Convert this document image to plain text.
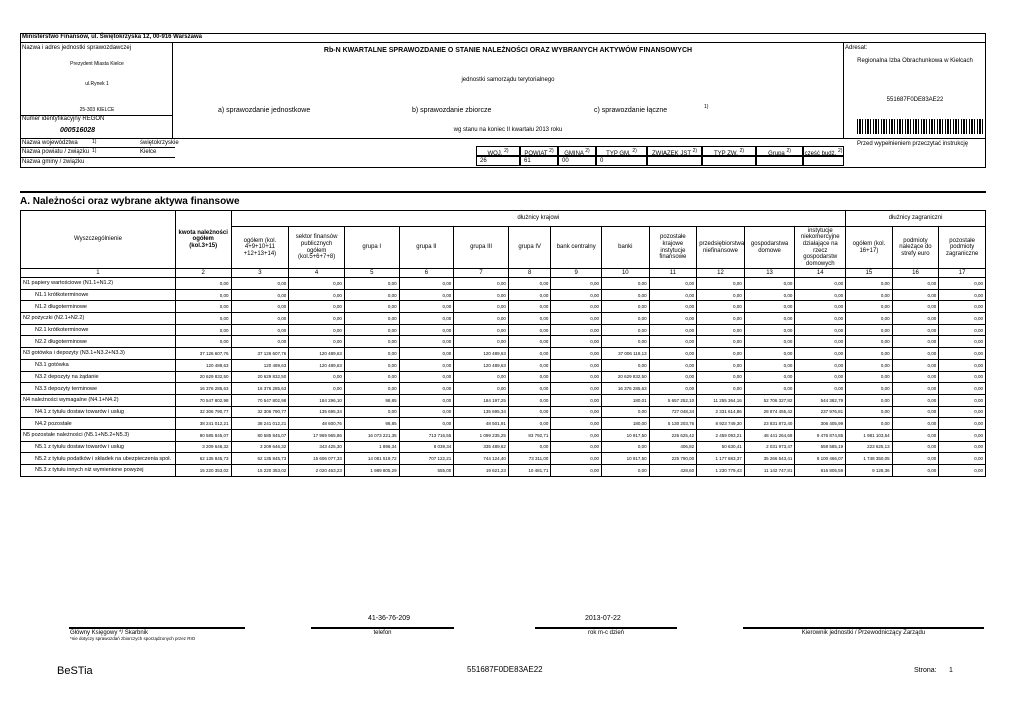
Ministerstwo Finansów, ul. Świętokrzyska 12, 00-916 Warszawa
Nazwa i adres jednostki sprawozdawczej
Prezydent Miasta Kielce
ul.Rynek 1
25-303 KIELCE
Numer identyfikacyjny REGON
000516028
Rb-N KWARTALNE SPRAWOZDANIE O STANIE NALEŻNOŚCI ORAZ WYBRANYCH AKTYWÓW FINANSOWYCH
jednostki samorządu terytorialnego
a) sprawozdanie jednostkowe	b) sprawozdanie zbiorcze	c) sprawozdanie łączne	1)
wg stanu na koniec II kwartału 2013 roku
Adresat:
Regionalna Izba Obrachunkowa w Kielcach
551687F0DE83AE22
Nazwa województwa	1)	świętokrzyskie
Nazwa powiatu / związku 1)	Kielce
Nazwa gminy / związku
Przed wypełnieniem przeczytać instrukcję
WOJ. $^{2)}$	POWIAT $^{2)}$	GMINA $^{2)}$	TYP GM. $^{2)}$	ZWIĄZEK JST $^{2)}$	TYP ZW. $^{2)}$	Grupa $^{2)}$	część budż. $^{2)}$
26	61	00	0
A. Należności oraz wybrane aktywa finansowe
Wyszczególnienie	kwota należności ogółem (kol.3+15)	dłużnicy krajowi												dłużnicy zagraniczni		
		ogółem (kol. 4+9+10+11 +12+13+14)	sektor finansów publicznych ogółem (kol.5+6+7+8)	grupa I	grupa II	grupa III	grupa IV	bank centralny	banki	pozostałe krajowe instytucje finansowe	przedsiębiorstwa niefinansowe	gospodarstwa domowe	instytucje niekomercyjne działające na rzecz gospodarstw domowych	ogółem (kol. 16+17)	podmioty należące do strefy euro	pozostałe podmioty zagraniczne
1	2	3	4	5	6	7	8	9	10	11	12	13	14	15	16	17
N1 papiery wartościowe (N1.1+N1.2)	0,00	0,00	0,00	0,00	0,00	0,00	0,00	0,00	0,00	0,00	0,00	0,00	0,00	0,00	0,00	0,00
N1.1 krótkoterminowe	0,00	0,00	0,00	0,00	0,00	0,00	0,00	0,00	0,00	0,00	0,00	0,00	0,00	0,00	0,00	0,00
N1.2 długoterminowe	0,00	0,00	0,00	0,00	0,00	0,00	0,00	0,00	0,00	0,00	0,00	0,00	0,00	0,00	0,00	0,00
N2 pożyczki (N2.1+N2.2)	0,00	0,00	0,00	0,00	0,00	0,00	0,00	0,00	0,00	0,00	0,00	0,00	0,00	0,00	0,00	0,00
N2.1 krótkoterminowe	0,00	0,00	0,00	0,00	0,00	0,00	0,00	0,00	0,00	0,00	0,00	0,00	0,00	0,00	0,00	0,00
N2.2 długoterminowe	0,00	0,00	0,00	0,00	0,00	0,00	0,00	0,00	0,00	0,00	0,00	0,00	0,00	0,00	0,00	0,00
N3 gotówka i depozyty (N3.1+N3.2+N3.3)	37 126 607,76	37 126 607,76	120 489,63	0,00	0,00	120 489,63	0,00	0,00	37 006 118,13	0,00	0,00	0,00	0,00	0,00	0,00	0,00
N3.1 gotówka	120 489,63	120 489,63	120 489,63	0,00	0,00	120 489,63	0,00	0,00	0,00	0,00	0,00	0,00	0,00	0,00	0,00	0,00
N3.2 depozyty na żądanie	20 629 832,50	20 629 832,50	0,00	0,00	0,00	0,00	0,00	0,00	20 629 832,50	0,00	0,00	0,00	0,00	0,00	0,00	0,00
N3.3 depozyty terminowe	16 376 285,63	16 376 285,63	0,00	0,00	0,00	0,00	0,00	0,00	16 376 285,63	0,00	0,00	0,00	0,00	0,00	0,00	0,00
N4 należności wymagalne (N4.1+N4.2)	70 547 802,98	70 547 802,98	184 296,10	98,85	0,00	184 197,25	0,00	0,00	180,01	5 657 252,10	11 255 364,16	52 706 327,82	544 382,79	0,00	0,00	0,00
N4.1 z tytułu dostaw towarów i usług	32 306 790,77	32 306 790,77	135 695,34	0,00	0,00	135 695,34	0,00	0,00	0,00	727 048,34	2 331 614,86	28 874 455,42	237 976,81	0,00	0,00	0,00
N4.2 pozostałe	38 241 012,21	38 241 012,21	48 600,76	98,85	0,00	48 501,91	0,00	0,00	180,00	5 130 203,76	8 923 749,30	23 831 872,40	306 405,99	0,00	0,00	0,00
N5 pozostałe należności (N5.1+N5.2+N5.3)	80 585 845,07	80 585 845,07	17 969 965,86	16 073 221,35	713 716,55	1 099 235,25	83 792,71	0,00	10 917,50	226 625,42	2 459 093,21	48 441 264,69	9 476 874,85	1 981 103,54	0,00	0,00
N5.1 z tytułu dostaw towarów i usług	3 209 646,32	3 209 646,32	343 425,30	1 896,34	8 039,34	335 489,62	0,00	0,00	0,00	406,82	50 630,41	2 031 973,47	559 585,19	223 625,13	0,00	0,00
N5.2 z tytułu podatków i składek na ubezpieczenia społ.	62 135 845,73	62 135 845,73	15 606 077,33	14 081 519,72	707 122,21	744 124,40	73 311,00	0,00	10 917,50	225 790,00	1 177 683,37	35 266 543,41	8 100 466,07	1 748 350,05	0,00	0,00
N5.3 z tytułu innych niż wymienione powyżej	15 220 353,02	15 220 353,02	2 020 463,23	1 989 805,29	555,00	19 621,23	10 481,71	0,00	0,00	428,60	1 230 779,43	11 142 747,81	816 805,59	9 128,36	0,00	0,00
41-36-76-209	2013-07-22
Główny Księgowy */ Skarbnik
*nie dotyczy sprawozdań zbiorczych sporządzonych przez RIO
telefon	rok m-c dzień	Kierownik jednostki / Przewodniczący Zarządu
BeSTia	551687F0DE83AE22	Strona: 1
